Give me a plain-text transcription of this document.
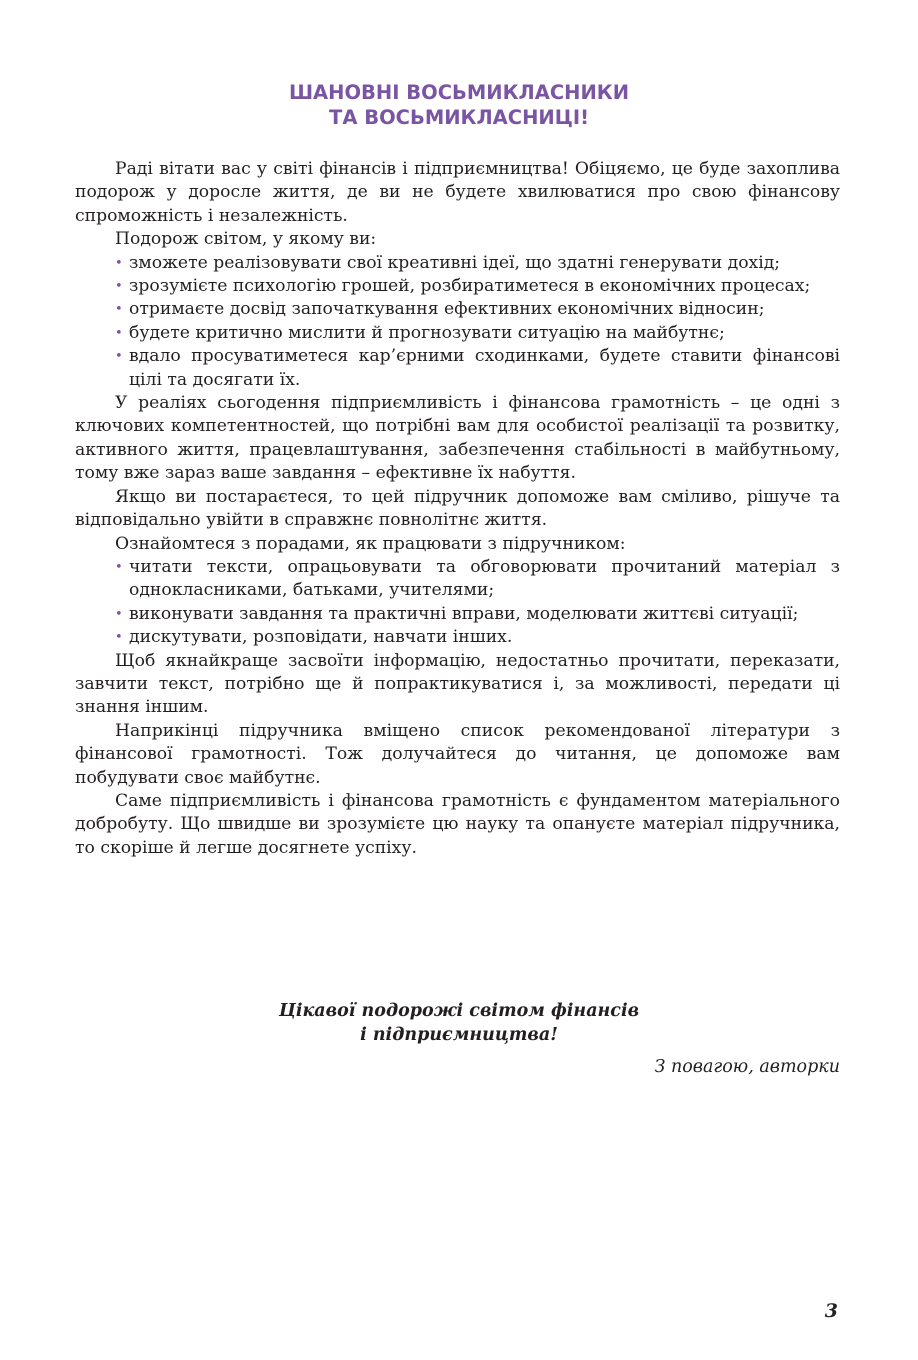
ШАНОВНІ ВОСЬМИКЛАСНИКИ
ТА ВОСЬМИКЛАСНИЦІ!

Раді вітати вас у світі фінансів і підприємництва! Обіцяємо, це буде захоплива подорож у доросле життя, де ви не будете хвилюватися про свою фінансову спроможність і незалежність.

Подорож світом, у якому ви:

• зможете реалізовувати свої креативні ідеї, що здатні генерувати дохід;
• зрозумієте психологію грошей, розбиратиметеся в економічних процесах;
• отримаєте досвід започаткування ефективних економічних відносин;
• будете критично мислити й прогнозувати ситуацію на майбутнє;
• вдало просуватиметеся кар’єрними сходинками, будете ставити фінансові цілі та досягати їх.

У реаліях сьогодення підприємливість і фінансова грамотність – це одні з ключових компетентностей, що потрібні вам для особистої реалізації та розвитку, активного життя, працевлаштування, забезпечення стабільності в майбутньому, тому вже зараз ваше завдання – ефективне їх набуття.

Якщо ви постараєтеся, то цей підручник допоможе вам сміливо, рішуче та відповідально увійти в справжнє повнолітнє життя.

Ознайомтеся з порадами, як працювати з підручником:

• читати тексти, опрацьовувати та обговорювати прочитаний матеріал з однокласниками, батьками, учителями;
• виконувати завдання та практичні вправи, моделювати життєві ситуації;
• дискутувати, розповідати, навчати інших.

Щоб якнайкраще засвоїти інформацію, недостатньо прочитати, переказати, завчити текст, потрібно ще й попрактикуватися і, за можливості, передати ці знання іншим.

Наприкінці підручника вміщено список рекомендованої літератури з фінансової грамотності. Тож долучайтеся до читання, це допоможе вам побудувати своє майбутнє.

Саме підприємливість і фінансова грамотність є фундаментом матеріального добробуту. Що швидше ви зрозумієте цю науку та опануєте матеріал підручника, то скоріше й легше досягнете успіху.

Цікавої подорожі світом фінансів
і підприємництва!
З повагою, авторки
3
